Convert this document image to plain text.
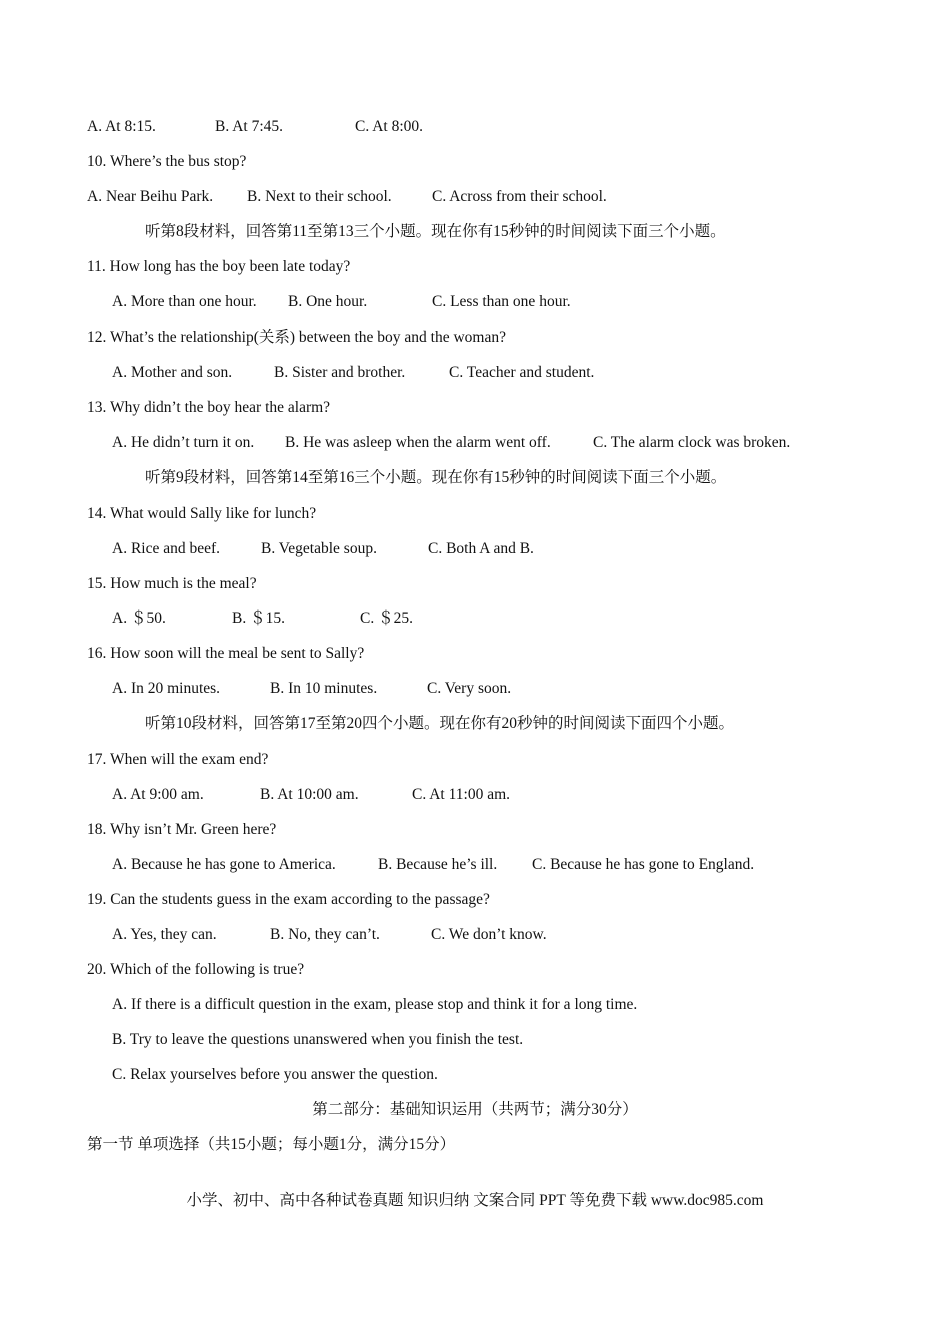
A. At 8:15.	B. At 7:45.	C. At 8:00.
10. Where’s the bus stop?
A. Near Beihu Park. B. Next to their school.	C. Across from their school.
听第8段材料，回答第11至第13三个小题。现在你有15秒钟的时间阅读下面三个小题。
11. How long has the boy been late today?
A. More than one hour. B. One hour.	C. Less than one hour.
12. What’s the relationship(关系) between the boy and the woman?
A. Mother and son.	B. Sister and brother.	C. Teacher and student.
13. Why didn’t the boy hear the alarm?
A. He didn’t turn it on. B. He was asleep when the alarm went off.	C. The alarm clock was broken.
听第9段材料，回答第14至第16三个小题。现在你有15秒钟的时间阅读下面三个小题。
14. What would Sally like for lunch?
A. Rice and beef.	B. Vegetable soup.	C. Both A and B.
15. How much is the meal?
A. ＄50.	B. ＄15.	C. ＄25.
16. How soon will the meal be sent to Sally?
A. In 20 minutes.	B. In 10 minutes.	C. Very soon.
听第10段材料，回答第17至第20四个小题。现在你有20秒钟的时间阅读下面四个小题。
17. When will the exam end?
A. At 9:00 am.	B. At 10:00 am.	C. At 11:00 am.
18. Why isn’t Mr. Green here?
A. Because he has gone to America.	B. Because he’s ill. C. Because he has gone to England.
19. Can the students guess in the exam according to the passage?
A. Yes, they can.	B. No, they can’t.	C. We don’t know.
20. Which of the following is true?
A. If there is a difficult question in the exam, please stop and think it for a long time.
B. Try to leave the questions unanswered when you finish the test.
C. Relax yourselves before you answer the question.
第二部分：基础知识运用（共两节；满分30分）
第一节 单项选择（共15小题；每小题1分，满分15分）
小学、初中、高中各种试卷真题 知识归纳 文案合同 PPT 等免费下载 www.doc985.com
